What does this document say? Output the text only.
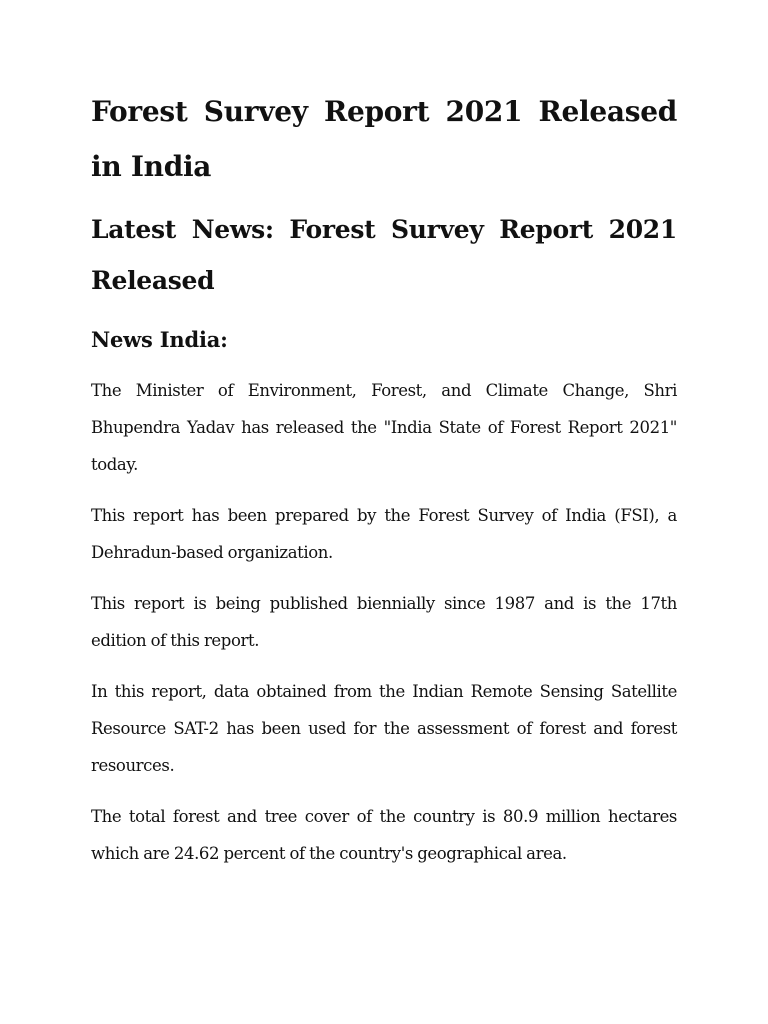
Forest Survey Report 2021 Released in India
Latest News: Forest Survey Report 2021 Released
News India:
The Minister of Environment, Forest, and Climate Change, Shri Bhupendra Yadav has released the "India State of Forest Report 2021" today.
This report has been prepared by the Forest Survey of India (FSI), a Dehradun-based organization.
This report is being published biennially since 1987 and is the 17th edition of this report.
In this report, data obtained from the Indian Remote Sensing Satellite Resource SAT-2 has been used for the assessment of forest and forest resources.
The total forest and tree cover of the country is 80.9 million hectares which are 24.62 percent of the country's geographical area.
